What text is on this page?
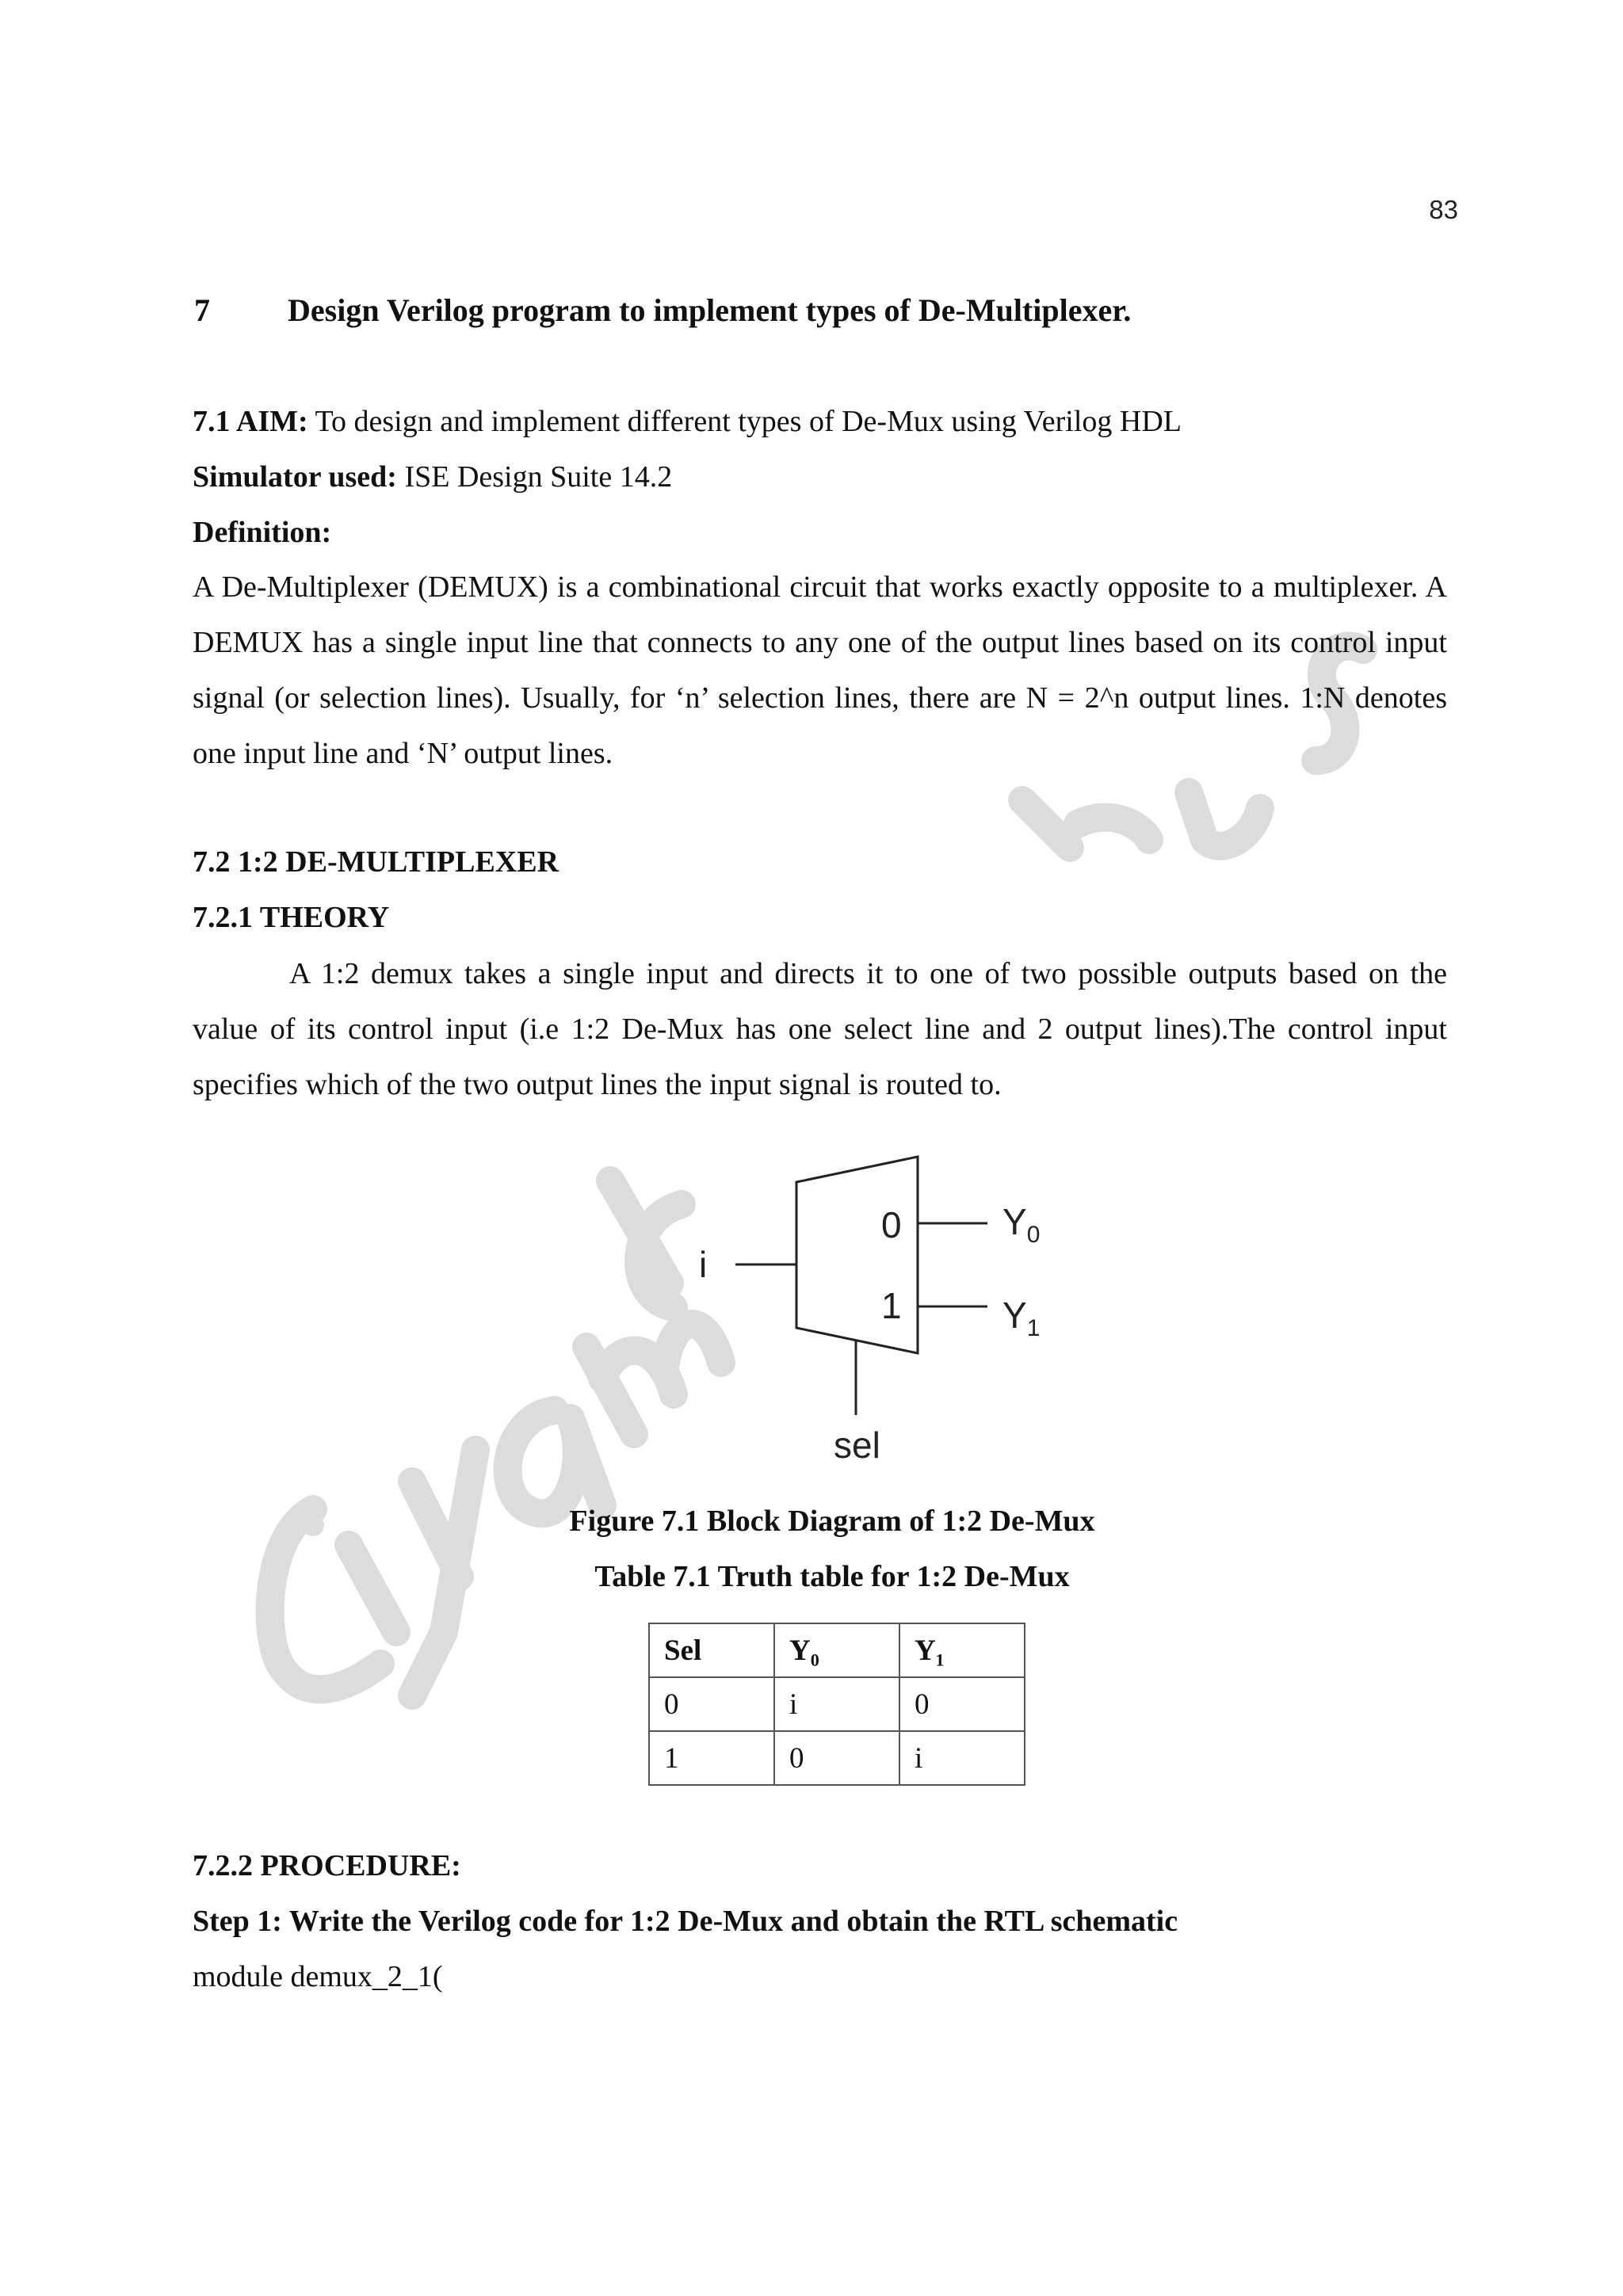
83
7 Design Verilog program to implement types of De-Multiplexer.
7.1 AIM: To design and implement different types of De-Mux using Verilog HDL
Simulator used: ISE Design Suite 14.2
Definition:
A De-Multiplexer (DEMUX) is a combinational circuit that works exactly opposite to a multiplexer. A DEMUX has a single input line that connects to any one of the output lines based on its control input signal (or selection lines). Usually, for ‘n’ selection lines, there are N = 2^n output lines. 1:N denotes one input line and ‘N’ output lines.
7.2 1:2 DE-MULTIPLEXER
7.2.1 THEORY
A 1:2 demux takes a single input and directs it to one of two possible outputs based on the value of its control input (i.e 1:2 De-Mux has one select line and 2 output lines).The control input specifies which of the two output lines the input signal is routed to.
i
0
1
$Y_0$
$Y_1$
sel
Figure 7.1 Block Diagram of 1:2 De-Mux
Table 7.1 Truth table for 1:2 De-Mux
Sel	Y₀	Y₁
0	i	0
1	0	i
7.2.2 PROCEDURE:
Step 1: Write the Verilog code for 1:2 De-Mux and obtain the RTL schematic
module demux_2_1(
